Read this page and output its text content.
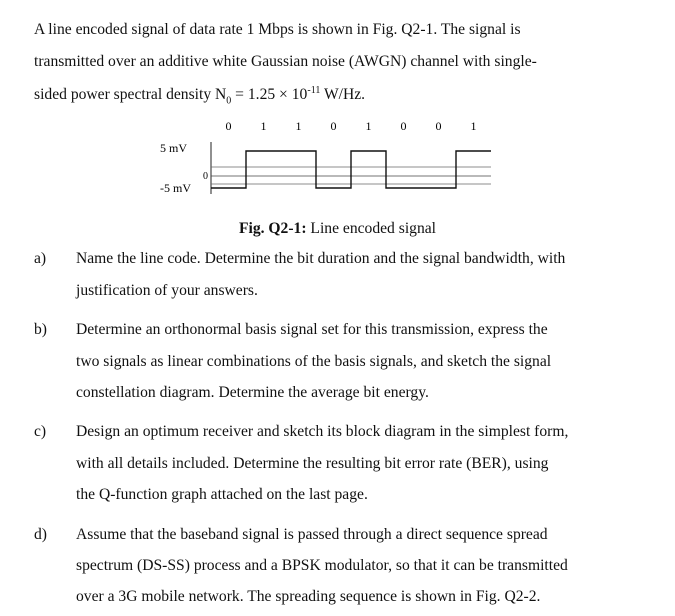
A line encoded signal of data rate 1 Mbps is shown in Fig. Q2-1. The signal is
transmitted over an additive white Gaussian noise (AWGN) channel with single-
sided power spectral density $N_0 = 1.25 \times 10^{-11}$ W/Hz.
0 1 1 0 1 0 0 1
5 mV
0
-5 mV
Fig. Q2-1: Line encoded signal
a) Name the line code. Determine the bit duration and the signal bandwidth, with
justification of your answers.
b) Determine an orthonormal basis signal set for this transmission, express the
two signals as linear combinations of the basis signals, and sketch the signal
constellation diagram. Determine the average bit energy.
c) Design an optimum receiver and sketch its block diagram in the simplest form,
with all details included. Determine the resulting bit error rate (BER), using
the Q-function graph attached on the last page.
d) Assume that the baseband signal is passed through a direct sequence spread
spectrum (DS-SS) process and a BPSK modulator, so that it can be transmitted
over a 3G mobile network. The spreading sequence is shown in Fig. Q2-2.
